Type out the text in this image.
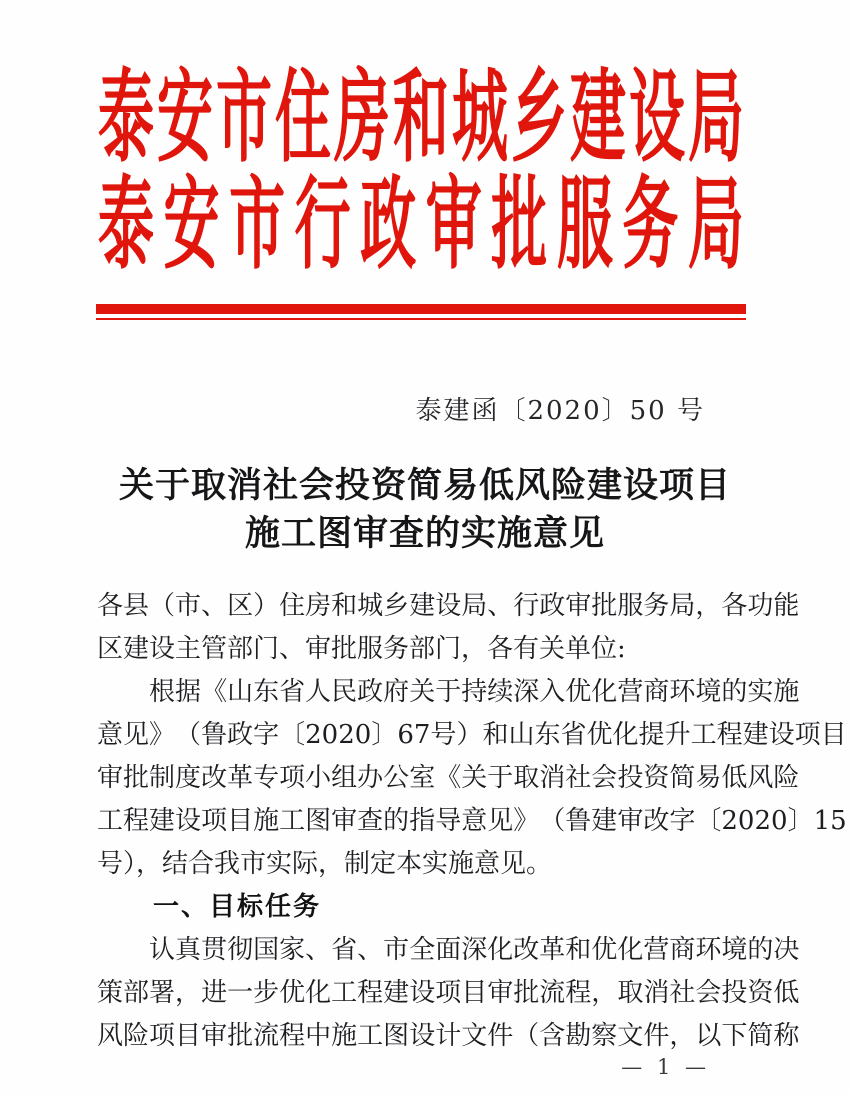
泰 安 市 住 房 和 城 乡 建 设 局
泰 安 市 行 政 审 批 服 务 局
泰建函〔2020〕50 号
关于取消社会投资简易低风险建设项目
施工图审查的实施意见
各 县 （ 市 、 区 ） 住 房 和 城 乡 建 设 局 、 行 政 审 批 服 务 局 ， 各 功 能
区建设主管部门、审批服务部门，各有关单位:

根 据 《 山 东 省 人 民 政 府 关 于 持 续 深 入 优 化 营 商 环 境 的 实 施
意 见 》 （ 鲁 政 字 〔 2 0 2 0 〕 6 7 号 ） 和 山 东 省 优 化 提 升 工 程 建 设 项 目
审 批 制 度 改 革 专 项 小 组 办 公 室 《 关 于 取 消 社 会 投 资 简 易 低 风 险
工 程 建 设 项 目 施 工 图 审 查 的 指 导 意 见 》 （ 鲁 建 审 改 字 〔 2 0 2 0 〕 1 5
号），结合我市实际，制定本实施意见。
　　一、目标任务

认 真 贯 彻 国 家 、 省 、 市 全 面 深 化 改 革 和 优 化 营 商 环 境 的 决
策 部 署 ， 进 一 步 优 化 工 程 建 设 项 目 审 批 流 程 ， 取 消 社 会 投 资 低
风 险 项 目 审 批 流 程 中 施 工 图 设 计 文 件 （ 含 勘 察 文 件 ， 以 下 简 称
— 1 —
